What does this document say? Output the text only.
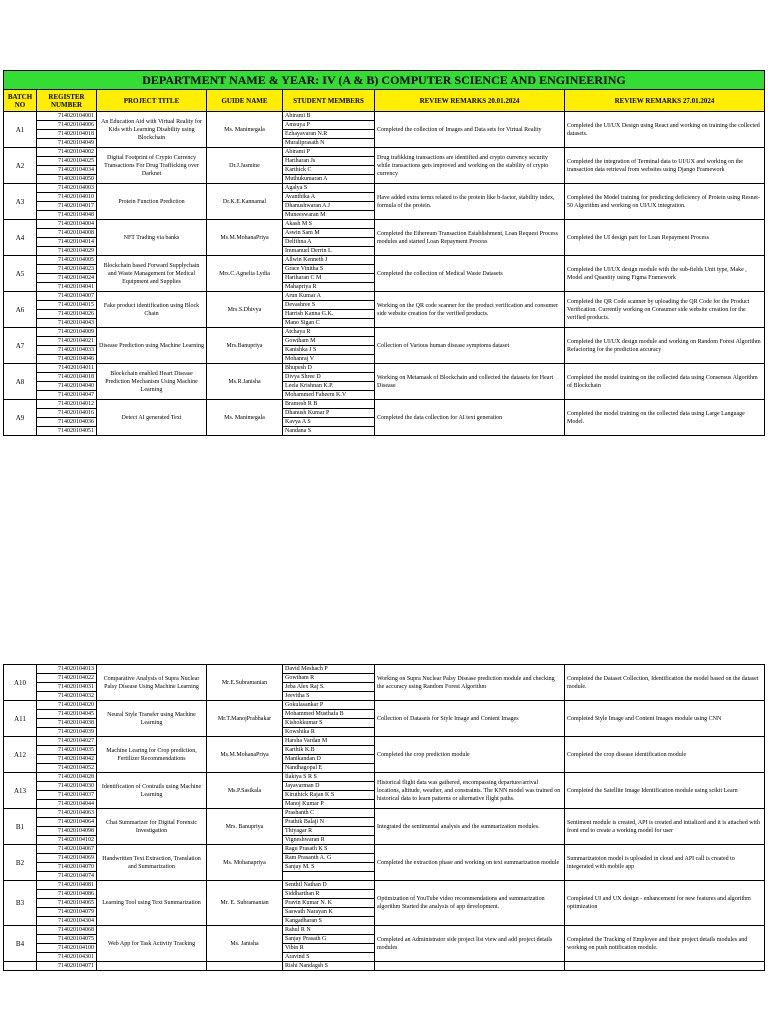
DEPARTMENT NAME & YEAR: IV (A & B) COMPUTER SCIENCE AND ENGINEERING						
BATCH NO	REGISTER NUMBER	PROJECT TITLE	GUIDE NAME	STUDENT MEMBERS	REVIEW REMARKS 20.01.2024	REVIEW REMARKS 27.01.2024
A1	714020104001	An Education Aid with Virtual Reality for Kids with Learning Disability using Blockchain	Ms. Manimegala	Abirami B	Completed the collection of Images and Data sets for Virtual Reality	Completed the UI/UX Design using React and working on training the collected datasets.
	714020104006			Amsuya P		
	714020104018			Ezhayavaran N.R		
	714020104049			Muraliprasath N		
A2	714020104002	Digital Footprint of Crypto Currency Transactions For Drug Trafficking over Darknet	Dr.J.Jasmine	Abirami P	Drug trafikking transactions are identified and crypto currency security while transactions gets improved and working on the stability of crypto currency	Completed the integration of Terminal data to UI/UX and working on the transaction data retrieval from websites using Django Framework
	714020104025			Hariharan Js		
	714020104034			Karthick C		
	714020104050			Muthukumaran A		
A3	714020104003	Protein Function Prediction	Dr.K.E.Kannamal	Agalya S	Have added extra terms related to the protein like b-factor, stability index, formula of the protein.	Completed the Model training for predicting deficiency of Protein using Resnet-50 Algorithm and working on UI/UX integration.
	714020104010			Avanthika A		
	714020104017			Dhanushwaran A J		
	714020104048			Muneeswaran M		
A4	714020104004	NFT Trading via banks	Ms.M.MohanaPriya	Akash M S	Completed the Ethereum Transaction Establishment, Loan Request Process modules and started Loan Repayment Process	Completed the UI design part for Loan Repayment Process
	714020104008			Aswin Sam M		
	714020104014			Delfihna A		
	714020104029			Immanuel Derrin L		
A5	714020104005	Blockchain based Forward Supplychain and Waste Management for Medical Equipment and Supplies	Mrs.C.Agnelia Lydia	Allwin Kenneth J	Completed the collection of Medical Waste Datasets	Completed the UI/UX design module with the sub-fields Unit type, Make , Model and Quantity using Figma Framework
	714020104023			Grace Vinitha S		
	714020104024			Hariharan C M		
	714020104041			Mahapriya R		
A6	714020104007	Fake product identification using Block Chain	Mrs.S.Dhivya	Arun Kumar A	Working on the QR code scanner for the product verification and consumer side website creation for the verified products.	Completed the QR Code scanner by uploading the QR Code for the Product Verification. Currently working on Consumer side website creation for the verified products.
	714020104015			Devashree S		
	714020104026			Harrish Kanna G.K.		
	714020104043			Mano Sigan C		
A7	714020104009	Disease Prediction using Machine Learning	Mrs.Banupriya	Atchaya R	Collection of Various human disease symptoms dataset	Completed the UI/UX design module and working on Random Forest Algorithm Refactoring for the prediction accuracy
	714020104021			Gowtham M		
	714020104033			Kanishka J S		
	714020104046			Mohanraj V		
A8	714020104011	Blockchain enabled Heart Disease Prediction Mechanism Using Machine Learning	Ms.R.Janisha	Bhupesh D	Working on Metamask of Blockchain and collected the datasets for Heart Disease	Completed the model training on the collected data using Consensus Algorithm of Blockchain
	714020104018			Divya Shree D		
	714020104040			Leela Krishnan K.P.		
	714020104047			Mohammed Faheem K.V		
A9	714020104012	Detect AI generated Text	Ms. Manimegala	Bramesh R B	Completed the data collection for AI text generation	Completed the model training on the collected data using Large Language Model.
	714020104016			Dhanush Kumar P		
	714020104036			Kavya A S		
	714020104051			Nandana S		
A10	714020104013	Comparative Analysis of Supra Nuclear Palsy Disease Using Machine Learning	Mr.E.Subramanian	David Meshach P	Working on Supra Nuclear Palsy Disease prediction module and checking the accuracy using Random Forest Algorithm	Completed the Dataset Collection, Identification the model based on the dataset module.
	714020104022			Gowtham R		
	714020104031			Jeba Alex Raj S.		
	714020104032			Jeevitha S		
A11	714020104020	Neural Style Transfer using Machine Learning	Mr.T.ManojPrabhakar	Gokulasankar P	Collection of Datasets for Style Image and Content Images	Completed Style Image and Content Images module using CNN
	714020104045			Mohammed Musthafa B		
	714020104038			Kishokkumar S		
	714020104039			Kowshika R		
A12	714020104027	Machine Learing for Crop prediction, Fertilizer Recommendations	Ms.M.MohanaPriya	Harsha Vardan M	Completed the crop prediction module	Completed the crop disease identification module
	714020104035			Karthik K.B		
	714020104042			Manikandan D		
	714020104052			Nandhagopal E		
A13	714020104028	Identification of Contrails using Machine Learning	Ms.P.Sasikala	Ilakiya S R S	Historical flight data was gathered, encompassing departure/arrival locations, altitude, weather, and constraints. The KNN model was trained on historical data to learn patterns or alternative flight paths.	Completed the Satellite Image Identification module using scikit Learn
	714020104030			Jayavarman D		
	714020104037			Kiruthick Rajan K S		
	714020104044			Manoj Kumar P		
B1	714020104063	Chat Summarizer for Digital Forensic Investigation	Mrs. Banupriya	Prashanth C	Integrated the sentimental analysis and the summarization modules.	Sentiment module is created, API is created and intialized and it is attached with front end to create a working model for user
	714020104064			Prathik Balaji N		
	714020104098			Thiyagar R		
	714020104102			Vigneshwaran R		
B2	714020104067	Handwritten Text Extraction, Translation and Summarization	Ms. Mohanapriya	Ragu Prasath K S	Completed the extraction phase and working on text summarization module	Summarizatoion model is uploaded in cloud and API call is created to integerated with mobile app
	714020104069			Ram Prasanth A. G		
	714020104070			Sanjay M. S		
	714020104074					
B3	714020104081	Learning Tool using Text Summarization	Mr. E. Subramanian	Senthil Nathan D	Optimization of YouTube video recommendations and summarization algorithm Started the analysis of app development.	Completed UI and UX design - enhancement for new features and algorithm optimization
	714020104086			Siddharthan R		
	714020104065			Pravin Kumar N. K		
	714020104079			Saswath Narayan K		
	714020104304			Kangadharan S		
B4	714020104068	Web App for Task Activity Tracking	Ms. Janisha	Rahul R N	Completed an Administrator side project list view and add project details modules	Completed the Tracking of Employee and their project details modules and working on push notification module.
	714020104075			Sanjay Prasath G		
	714020104100			Vibin R		
	714020104301			Aravind S		
	714020104071			Rishi Nandagsh S		
